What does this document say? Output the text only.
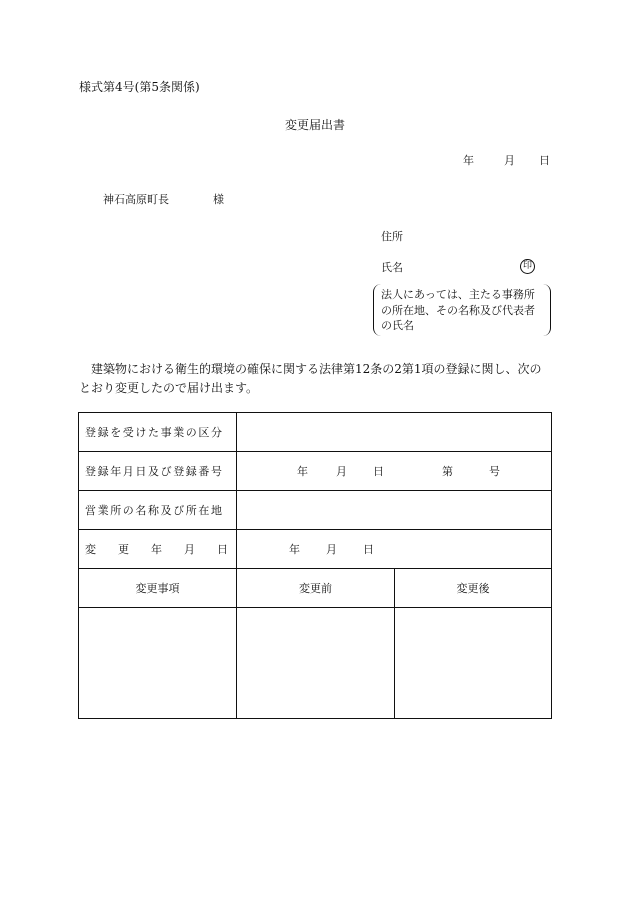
様式第4号(第5条関係)
変更届出書
年	月 日
神石高原町長	様
住所
氏名	印
法人にあっては、主たる事務所
の所在地、その名称及び代表者
の氏名
建築物における衛生的環境の確保に関する法律第12条の2第1項の登録に関し、次のとおり変更したので届け出ます。
登録を受けた事業の区分		
登録年月日及び登録番号	年 月 日 第 号	
営業所の名称及び所在地		
変 更 年 月 日	年 月 日	
変更事項	変更前	変更後
